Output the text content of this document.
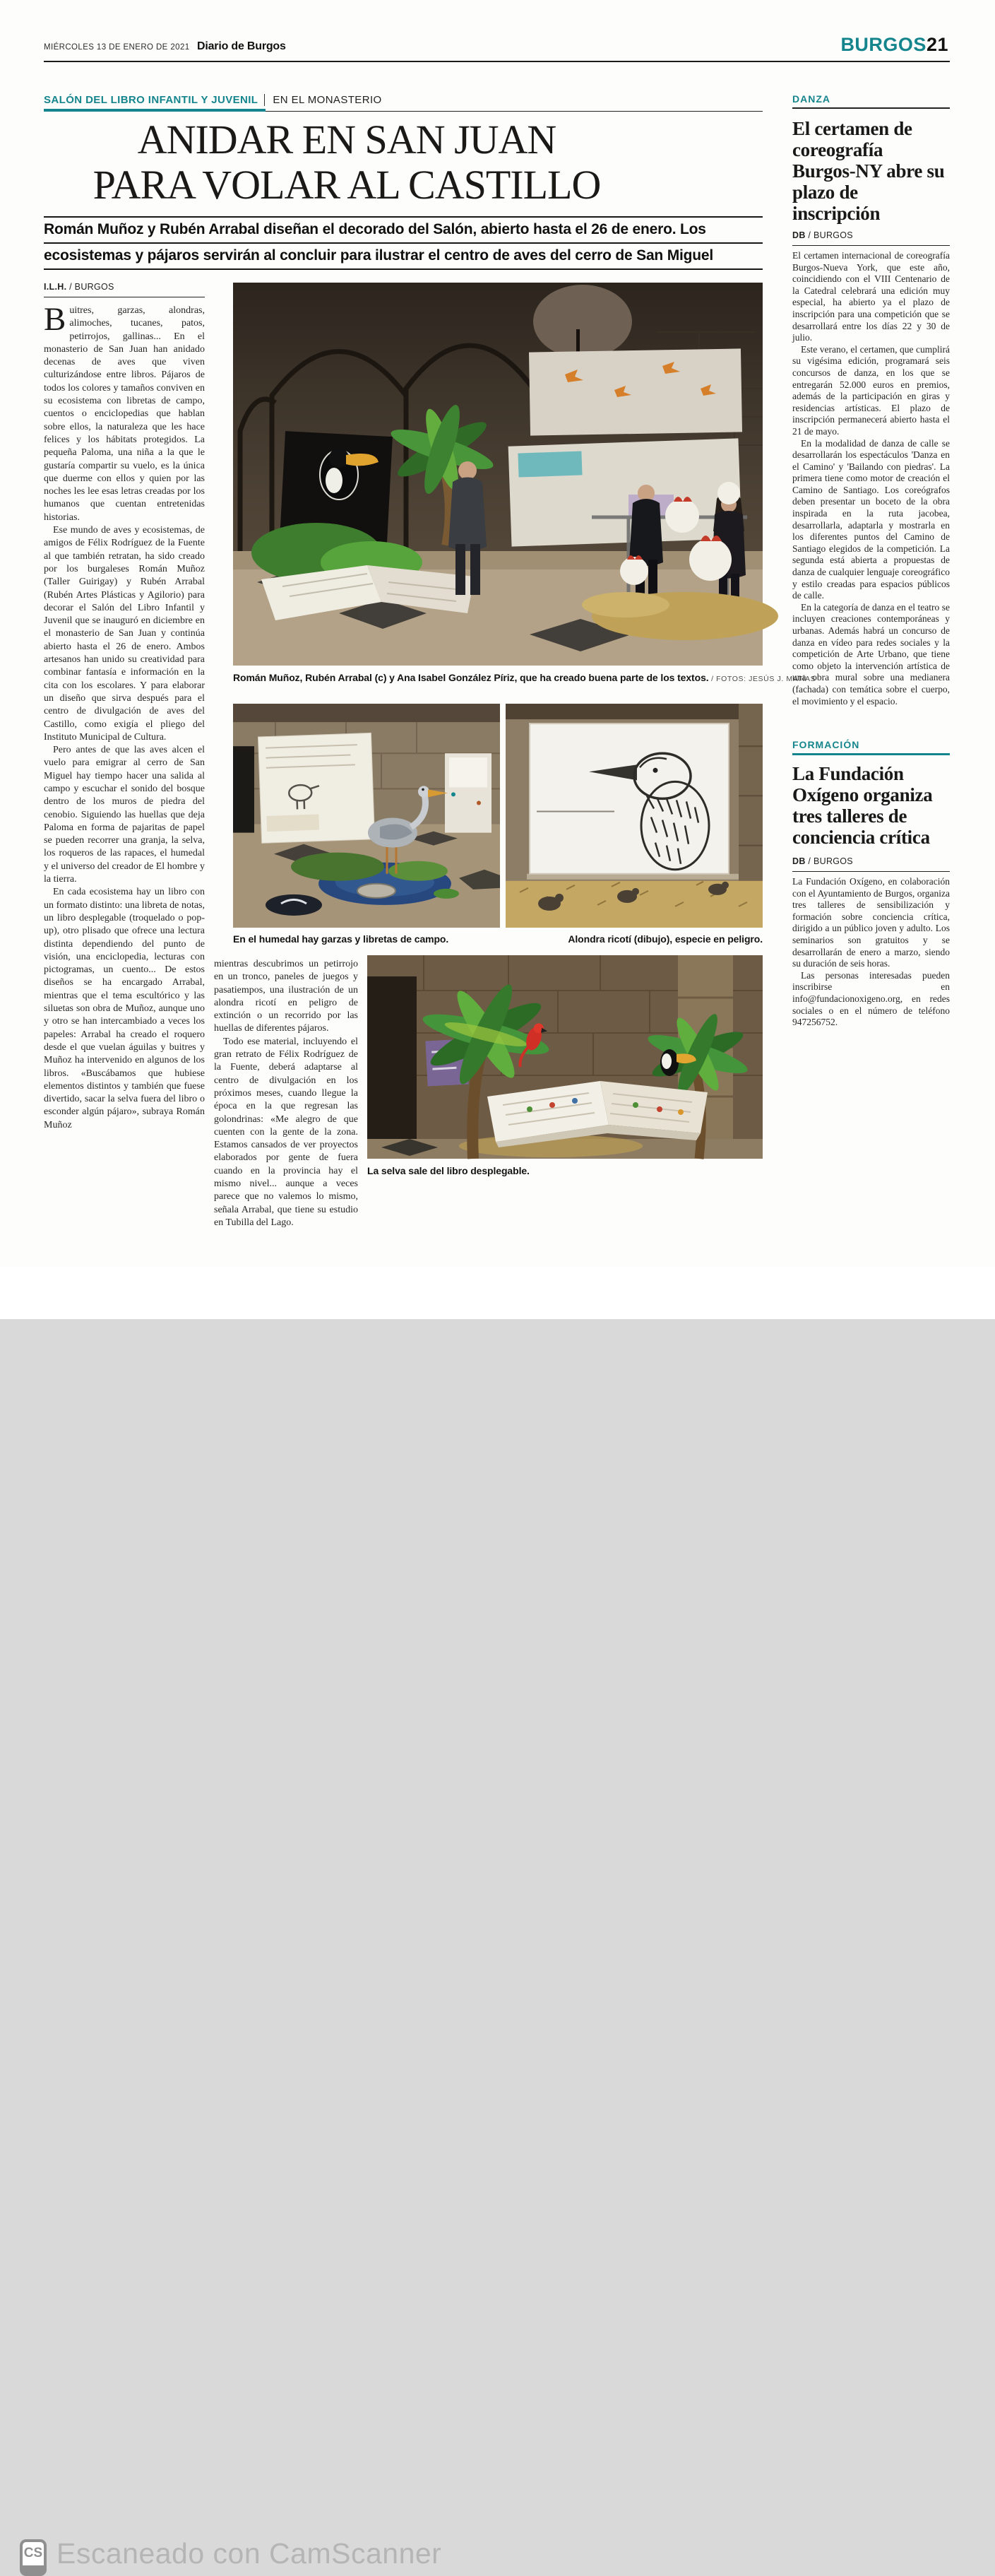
MIÉRCOLES 13 DE ENERO DE 2021 Diario de Burgos	BURGOS21
SALÓN DEL LIBRO INFANTIL Y JUVENIL EN EL MONASTERIO
ANIDAR EN SAN JUAN
PARA VOLAR AL CASTILLO
Román Muñoz y Rubén Arrabal diseñan el decorado del Salón, abierto hasta el 26 de enero. Los
ecosistemas y pájaros servirán al concluir para ilustrar el centro de aves del cerro de San Miguel
I.L.H. / BURGOS

Buitres, garzas, alondras, alimoches, tucanes, patos, petirrojos, gallinas... En el monasterio de San Juan han anidado decenas de aves que viven culturizándose entre libros. Pájaros de todos los colores y tamaños conviven en su ecosistema con libretas de campo, cuentos o enciclopedias que hablan sobre ellos, la naturaleza que les hace felices y los hábitats protegidos. La pequeña Paloma, una niña a la que le gustaría compartir su vuelo, es la única que duerme con ellos y quien por las noches les lee esas letras creadas por los humanos que cuentan entretenidas historias.

Ese mundo de aves y ecosistemas, de amigos de Félix Rodríguez de la Fuente al que también retratan, ha sido creado por los burgaleses Román Muñoz (Taller Guirigay) y Rubén Arrabal (Rubén Artes Plásticas y Agilorio) para decorar el Salón del Libro Infantil y Juvenil que se inauguró en diciembre en el monasterio de San Juan y continúa abierto hasta el 26 de enero. Ambos artesanos han unido su creatividad para combinar fantasía e información en la cita con los escolares. Y para elaborar un diseño que sirva después para el centro de divulgación de aves del Castillo, como exigía el pliego del Instituto Municipal de Cultura.

Pero antes de que las aves alcen el vuelo para emigrar al cerro de San Miguel hay tiempo hacer una salida al campo y escuchar el sonido del bosque dentro de los muros de piedra del cenobio. Siguiendo las huellas que deja Paloma en forma de pajaritas de papel se pueden recorrer una granja, la selva, los roqueros de las rapaces, el humedal y el universo del creador de El hombre y la tierra.

En cada ecosistema hay un libro con un formato distinto: una libreta de notas, un libro desplegable (troquelado o pop-up), otro plisado que ofrece una lectura distinta dependiendo del punto de visión, una enciclopedia, lecturas con pictogramas, un cuento... De estos diseños se ha encargado Arrabal, mientras que el tema escultórico y las siluetas son obra de Muñoz, aunque uno y otro se han intercambiado a veces los papeles: Arrabal ha creado el roquero desde el que vuelan águilas y buitres y Muñoz ha intervenido en algunos de los libros. «Buscábamos que hubiese elementos distintos y también que fuese divertido, sacar la selva fuera del libro o esconder algún pájaro», subraya Román Muñoz

Román Muñoz, Rubén Arrabal (c) y Ana Isabel González Píriz, que ha creado buena parte de los textos. / FOTOS: JESÚS J. MATÍAS
En el humedal hay garzas y libretas de campo.	Alondra ricotí (dibujo), especie en peligro.

mientras descubrimos un petirrojo en un tronco, paneles de juegos y pasatiempos, una ilustración de un alondra ricotí en peligro de extinción o un recorrido por las huellas de diferentes pájaros.

Todo ese material, incluyendo el gran retrato de Félix Rodríguez de la Fuente, deberá adaptarse al centro de divulgación en los próximos meses, cuando llegue la época en la que regresan las golondrinas: «Me alegro de que cuenten con la gente de la zona. Estamos cansados de ver proyectos elaborados por gente de fuera cuando en la provincia hay el mismo nivel... aunque a veces parece que no valemos lo mismo, señala Arrabal, que tiene su estudio en Tubilla del Lago.

La selva sale del libro desplegable.
DANZA
El certamen de coreografía Burgos-NY abre su plazo de inscripción
DB / BURGOS

El certamen internacional de coreografía Burgos-Nueva York, que este año, coincidiendo con el VIII Centenario de la Catedral celebrará una edición muy especial, ha abierto ya el plazo de inscripción para una competición que se desarrollará entre los días 22 y 30 de julio.

Este verano, el certamen, que cumplirá su vigésima edición, programará seis concursos de danza, en los que se entregarán 52.000 euros en premios, además de la participación en giras y residencias artísticas. El plazo de inscripción permanecerá abierto hasta el 21 de mayo.

En la modalidad de danza de calle se desarrollarán los espectáculos 'Danza en el Camino' y 'Bailando con piedras'. La primera tiene como motor de creación el Camino de Santiago. Los coreógrafos deben presentar un boceto de la obra inspirada en la ruta jacobea, desarrollarla, adaptarla y mostrarla en los diferentes puntos del Camino de Santiago elegidos de la competición. La segunda está abierta a propuestas de danza de cualquier lenguaje coreográfico y estilo creadas para espacios públicos de calle.

En la categoría de danza en el teatro se incluyen creaciones contemporáneas y urbanas. Además habrá un concurso de danza en vídeo para redes sociales y la competición de Arte Urbano, que tiene como objeto la intervención artística de una obra mural sobre una medianera (fachada) con temática sobre el cuerpo, el movimiento y el espacio.

FORMACIÓN
La Fundación Oxígeno organiza tres talleres de conciencia crítica
DB / BURGOS

La Fundación Oxígeno, en colaboración con el Ayuntamiento de Burgos, organiza tres talleres de sensibilización y formación sobre conciencia crítica, dirigido a un público joven y adulto. Los seminarios son gratuitos y se desarrollarán de enero a marzo, siendo su duración de seis horas.

Las personas interesadas pueden inscribirse en info@fundacionoxigeno.org, en redes sociales o en el número de teléfono 947256752.

CS Escaneado con CamScanner
